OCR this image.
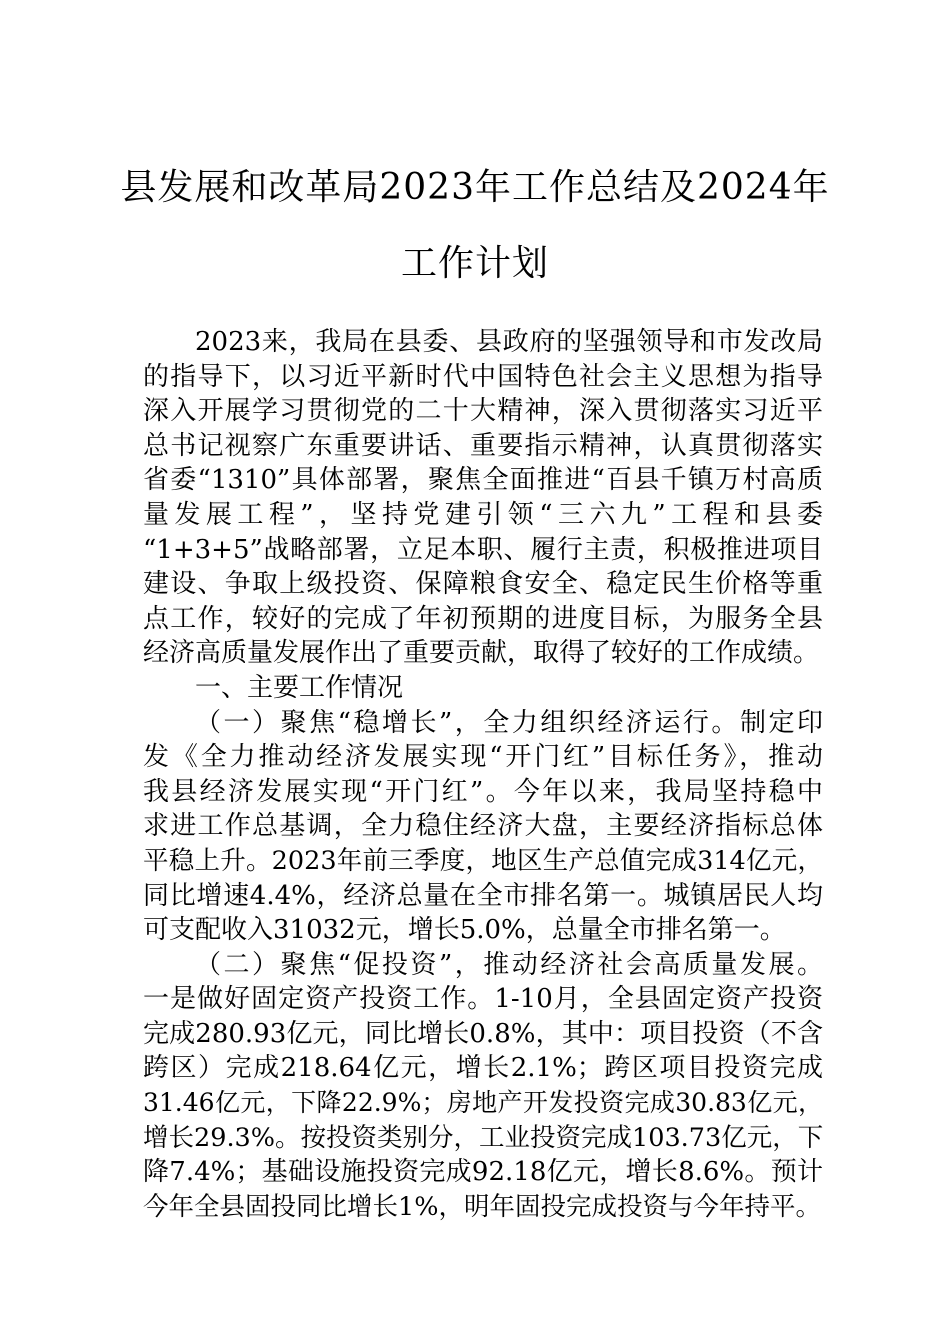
县发展和改革局2023年工作总结及2024年
工作计划
2023来，我局在县委、县政府的坚强领导和市发改局
的指导下，以习近平新时代中国特色社会主义思想为指导
深入开展学习贯彻党的二十大精神，深入贯彻落实习近平
总书记视察广东重要讲话、重要指示精神，认真贯彻落实
省委“1310”具体部署，聚焦全面推进“百县千镇万村高质
量发展工程”，坚持党建引领“三六九”工程和县委
“1+3+5”战略部署，立足本职、履行主责，积极推进项目
建设、争取上级投资、保障粮食安全、稳定民生价格等重
点工作，较好的完成了年初预期的进度目标，为服务全县
经济高质量发展作出了重要贡献，取得了较好的工作成绩。
一、主要工作情况
（一）聚焦“稳增长”，全力组织经济运行。制定印
发《全力推动经济发展实现“开门红”目标任务》，推动
我县经济发展实现“开门红”。今年以来，我局坚持稳中
求进工作总基调，全力稳住经济大盘，主要经济指标总体
平稳上升。2023年前三季度，地区生产总值完成314亿元，
同比增速4.4%，经济总量在全市排名第一。城镇居民人均
可支配收入31032元，增长5.0%，总量全市排名第一。
（二）聚焦“促投资”，推动经济社会高质量发展。
一是做好固定资产投资工作。1-10月，全县固定资产投资
完成280.93亿元，同比增长0.8%，其中：项目投资（不含
跨区）完成218.64亿元，增长2.1%；跨区项目投资完成
31.46亿元，下降22.9%；房地产开发投资完成30.83亿元，
增长29.3%。按投资类别分，工业投资完成103.73亿元，下
降7.4%；基础设施投资完成92.18亿元，增长8.6%。预计
今年全县固投同比增长1%，明年固投完成投资与今年持平。
